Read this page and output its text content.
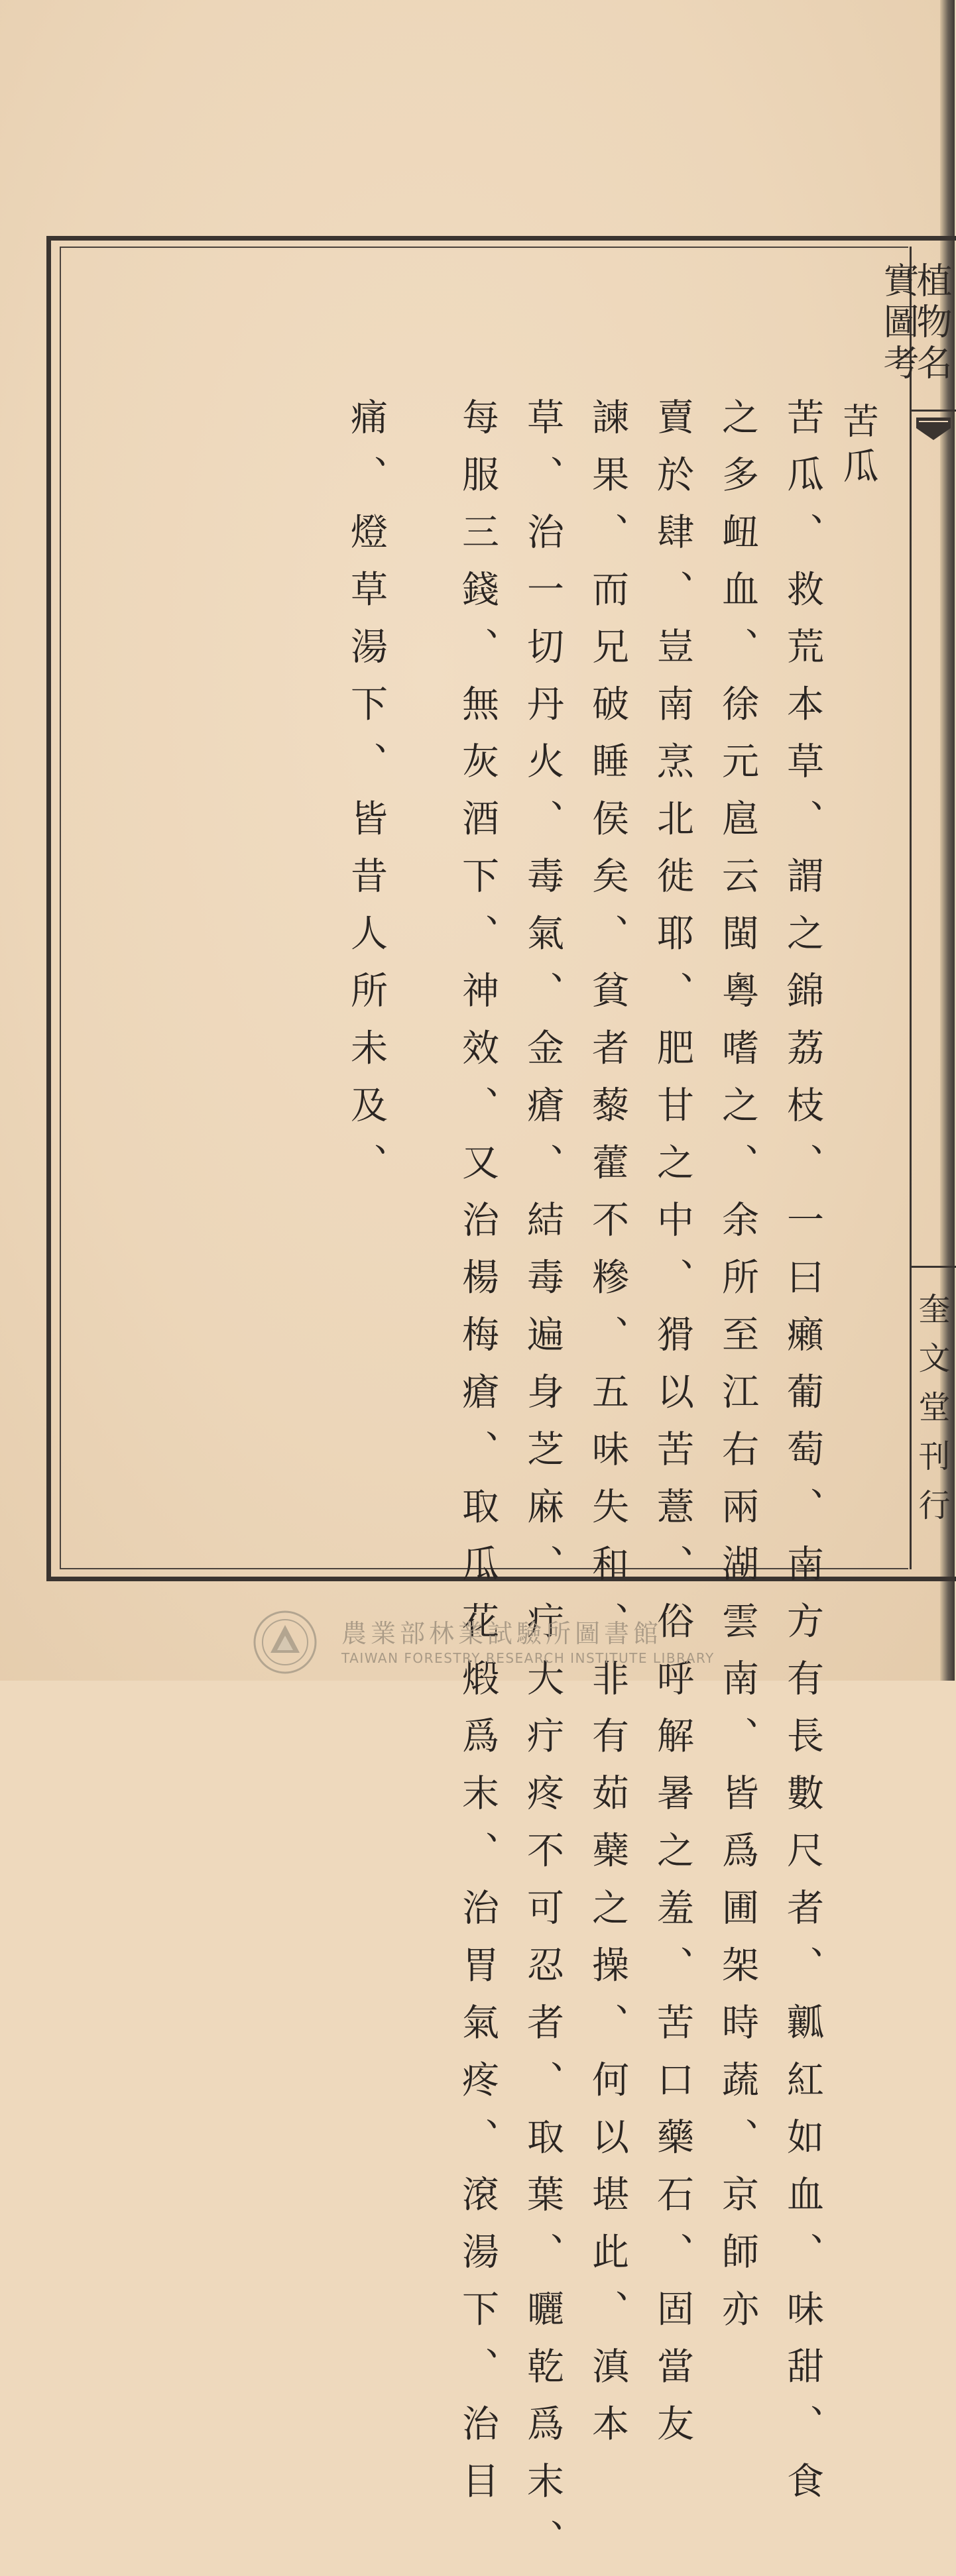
植物名實圖考
奎文堂刊行
苦瓜
苦瓜、救荒本草、謂之錦荔枝、一曰癩葡萄、南方有長數尺者、瓤紅如血、味甜、食
之多衄血、徐元扈云閩粵嗜之、余所至江右兩湖雲南、皆爲圃架時蔬、京師亦
賣於肆、豈南烹北徙耶、肥甘之中、猾以苦薏、俗呼解暑之羞、苦口藥石、固當友
諫果、而兄破睡侯矣、貧者藜藿不糝、五味失和、非有茹蘗之操、何以堪此、滇本
草、治一切丹火、毒氣、金瘡、結毒遍身芝麻、疔大疔疼不可忍者、取葉、曬乾爲末、
每服三錢、無灰酒下、神效、又治楊梅瘡、取瓜花煅爲末、治胃氣疼、滾湯下、治目
痛、燈草湯下、皆昔人所未及、
農業部林業試驗所圖書館
TAIWAN FORESTRY RESEARCH INSTITUTE LIBRARY
